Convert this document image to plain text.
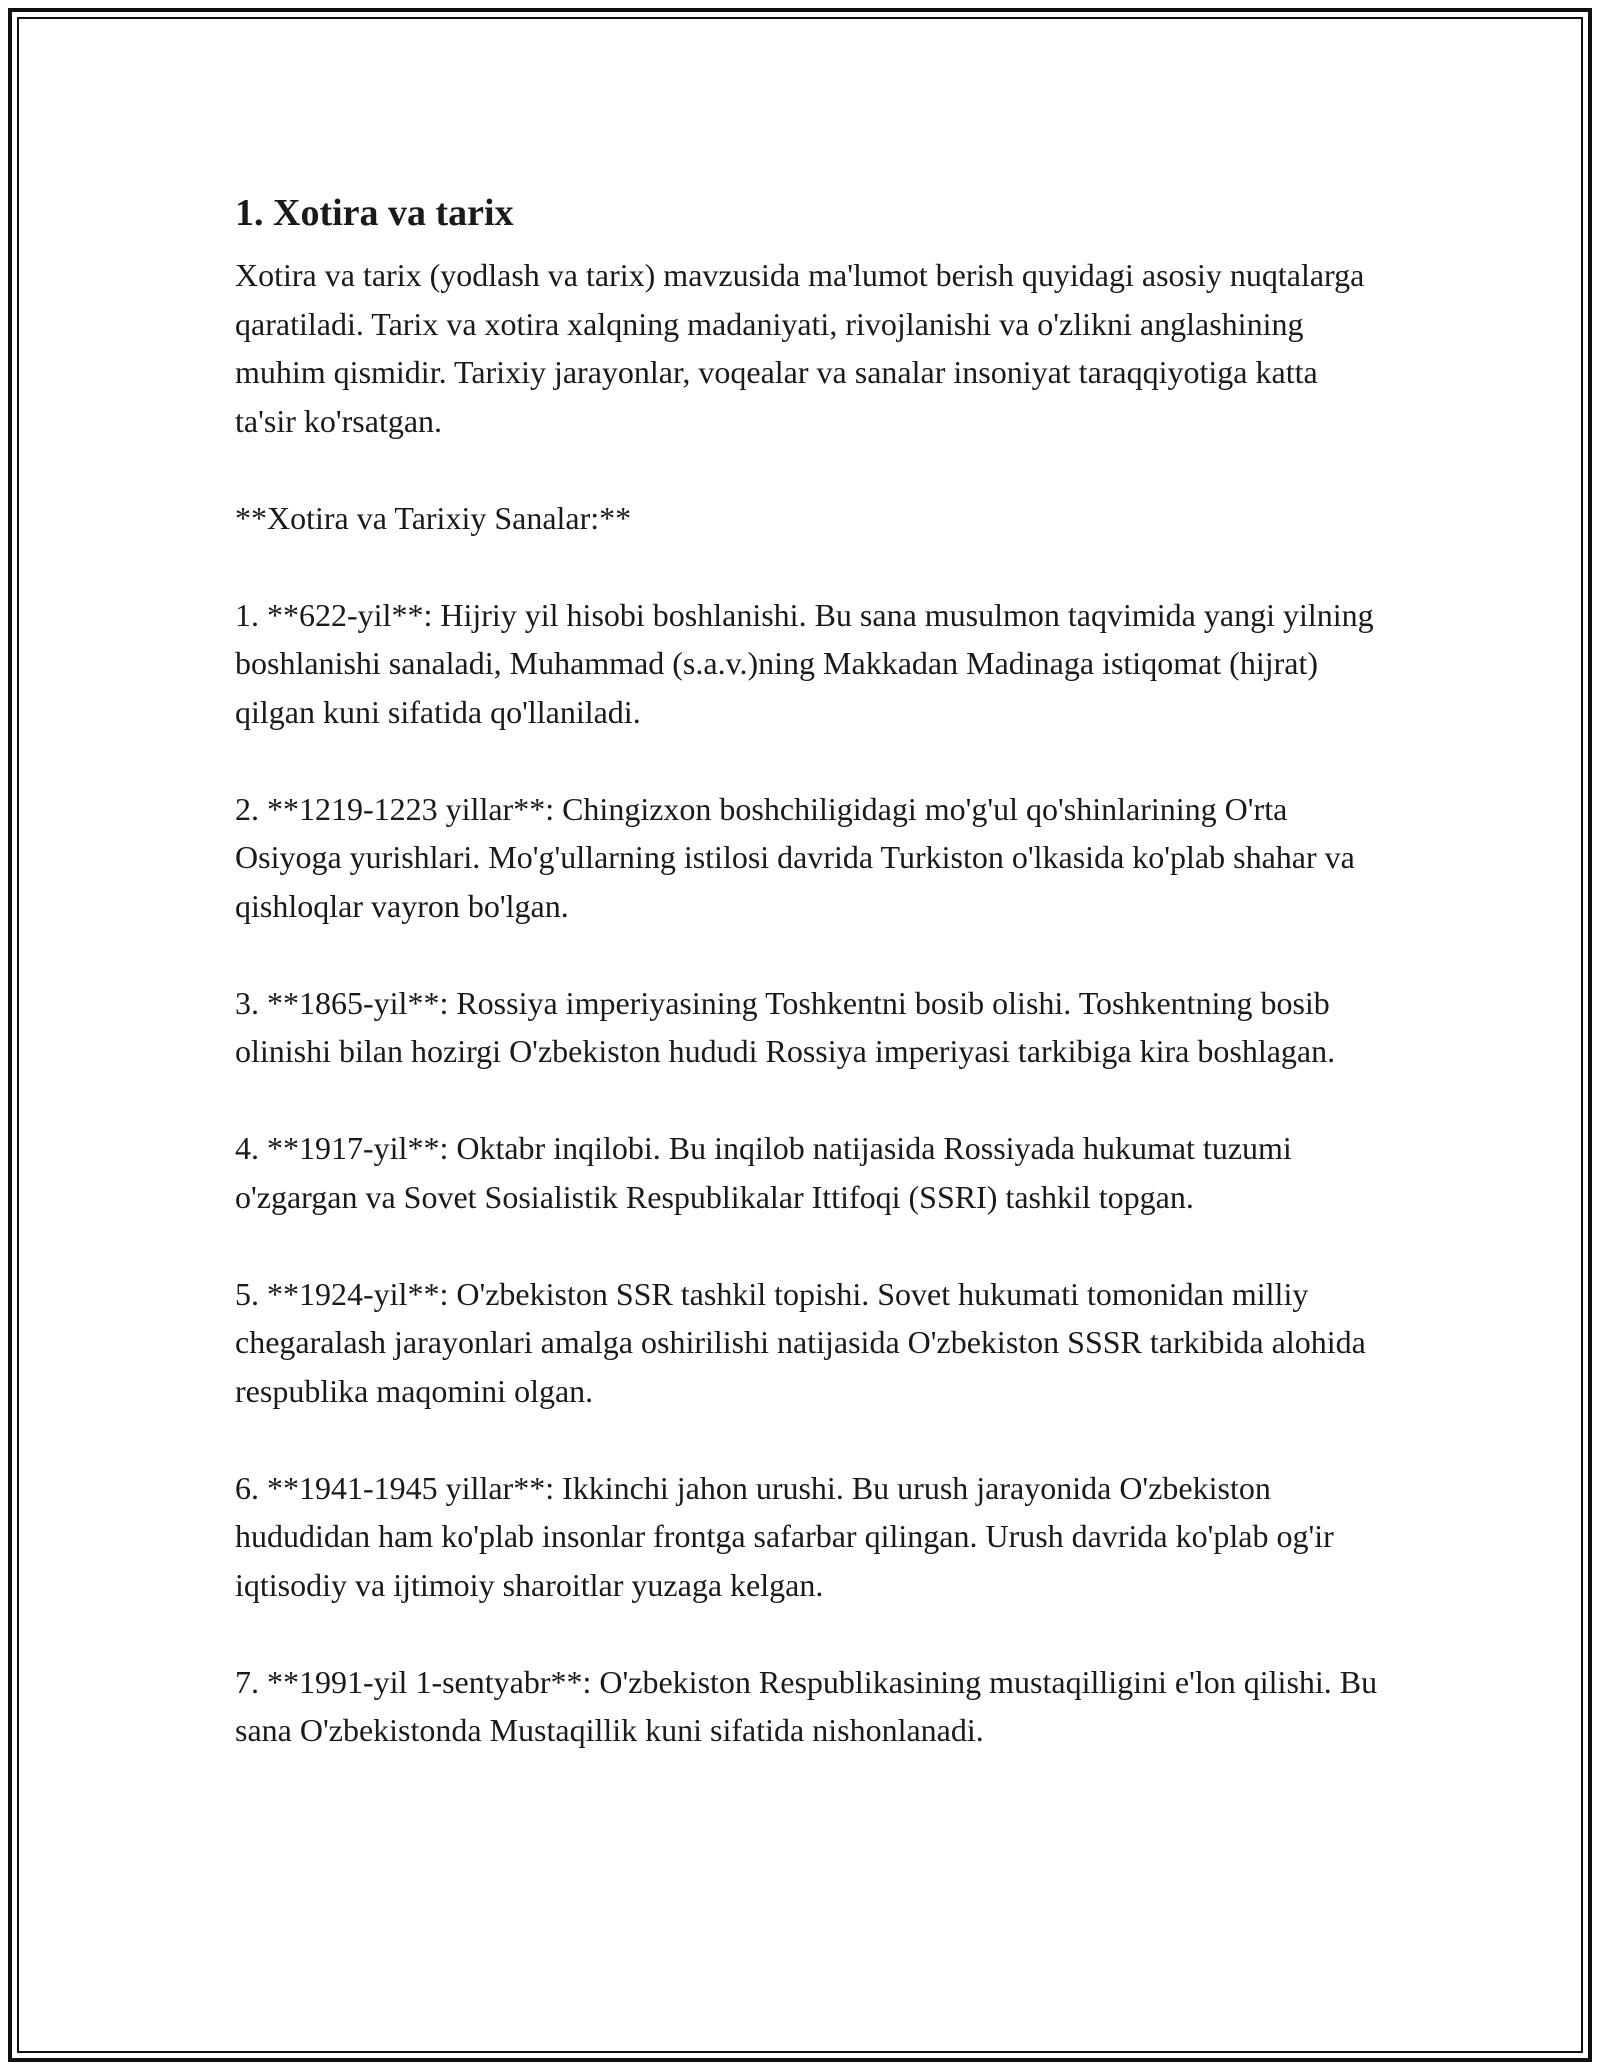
1. Xotira va tarix

Xotira va tarix (yodlash va tarix) mavzusida ma'lumot berish quyidagi asosiy nuqtalarga qaratiladi. Tarix va xotira xalqning madaniyati, rivojlanishi va o'zlikni anglashining muhim qismidir. Tarixiy jarayonlar, voqealar va sanalar insoniyat taraqqiyotiga katta ta'sir ko'rsatgan.

**Xotira va Tarixiy Sanalar:**

1. **622-yil**: Hijriy yil hisobi boshlanishi. Bu sana musulmon taqvimida yangi yilning boshlanishi sanaladi, Muhammad (s.a.v.)ning Makkadan Madinaga istiqomat (hijrat) qilgan kuni sifatida qo'llaniladi.

2. **1219-1223 yillar**: Chingizxon boshchiligidagi mo'g'ul qo'shinlarining O'rta Osiyoga yurishlari. Mo'g'ullarning istilosi davrida Turkiston o'lkasida ko'plab shahar va qishloqlar vayron bo'lgan.

3. **1865-yil**: Rossiya imperiyasining Toshkentni bosib olishi. Toshkentning bosib olinishi bilan hozirgi O'zbekiston hududi Rossiya imperiyasi tarkibiga kira boshlagan.

4. **1917-yil**: Oktabr inqilobi. Bu inqilob natijasida Rossiyada hukumat tuzumi o'zgargan va Sovet Sosialistik Respublikalar Ittifoqi (SSRI) tashkil topgan.

5. **1924-yil**: O'zbekiston SSR tashkil topishi. Sovet hukumati tomonidan milliy chegaralash jarayonlari amalga oshirilishi natijasida O'zbekiston SSSR tarkibida alohida respublika maqomini olgan.

6. **1941-1945 yillar**: Ikkinchi jahon urushi. Bu urush jarayonida O'zbekiston hududidan ham ko'plab insonlar frontga safarbar qilingan. Urush davrida ko'plab og'ir iqtisodiy va ijtimoiy sharoitlar yuzaga kelgan.

7. **1991-yil 1-sentyabr**: O'zbekiston Respublikasining mustaqilligini e'lon qilishi. Bu sana O'zbekistonda Mustaqillik kuni sifatida nishonlanadi.
